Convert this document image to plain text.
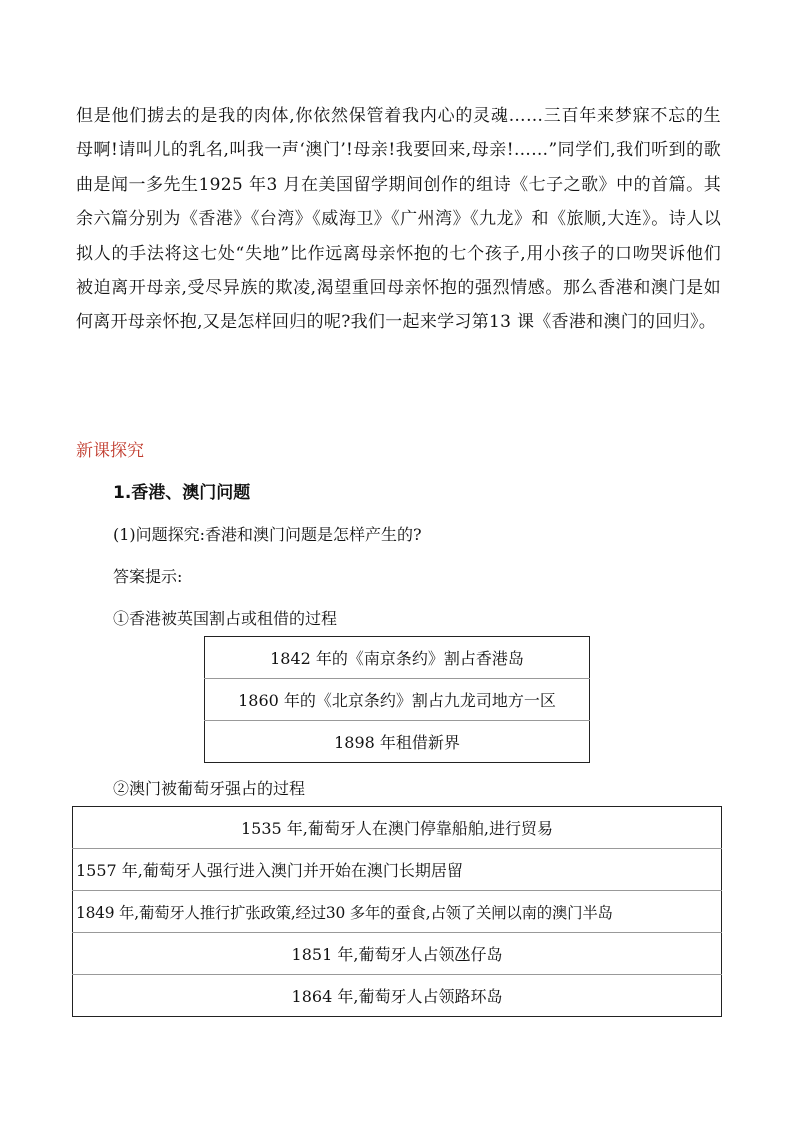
但是他们掳去的是我的肉体,你依然保管着我内心的灵魂……三百年来梦寐不忘的生母啊!请叫儿的乳名,叫我一声‘澳门’!母亲!我要回来,母亲!……”同学们,我们听到的歌曲是闻一多先生1925 年3 月在美国留学期间创作的组诗《七子之歌》中的首篇。其余六篇分别为《香港》《台湾》《威海卫》《广州湾》《九龙》和《旅顺,大连》。诗人以拟人的手法将这七处“失地”比作远离母亲怀抱的七个孩子,用小孩子的口吻哭诉他们被迫离开母亲,受尽异族的欺凌,渴望重回母亲怀抱的强烈情感。那么香港和澳门是如何离开母亲怀抱,又是怎样回归的呢?我们一起来学习第13 课《香港和澳门的回归》。

新课探究

1.香港、澳门问题

(1)问题探究:香港和澳门问题是怎样产生的?

答案提示:

①香港被英国割占或租借的过程

1842 年的《南京条约》割占香港岛
1860 年的《北京条约》割占九龙司地方一区
1898 年租借新界

②澳门被葡萄牙强占的过程

1535 年,葡萄牙人在澳门停靠船舶,进行贸易
1557 年,葡萄牙人强行进入澳门并开始在澳门长期居留
1849 年,葡萄牙人推行扩张政策,经过30 多年的蚕食,占领了关闸以南的澳门半岛
1851 年,葡萄牙人占领氹仔岛
1864 年,葡萄牙人占领路环岛
